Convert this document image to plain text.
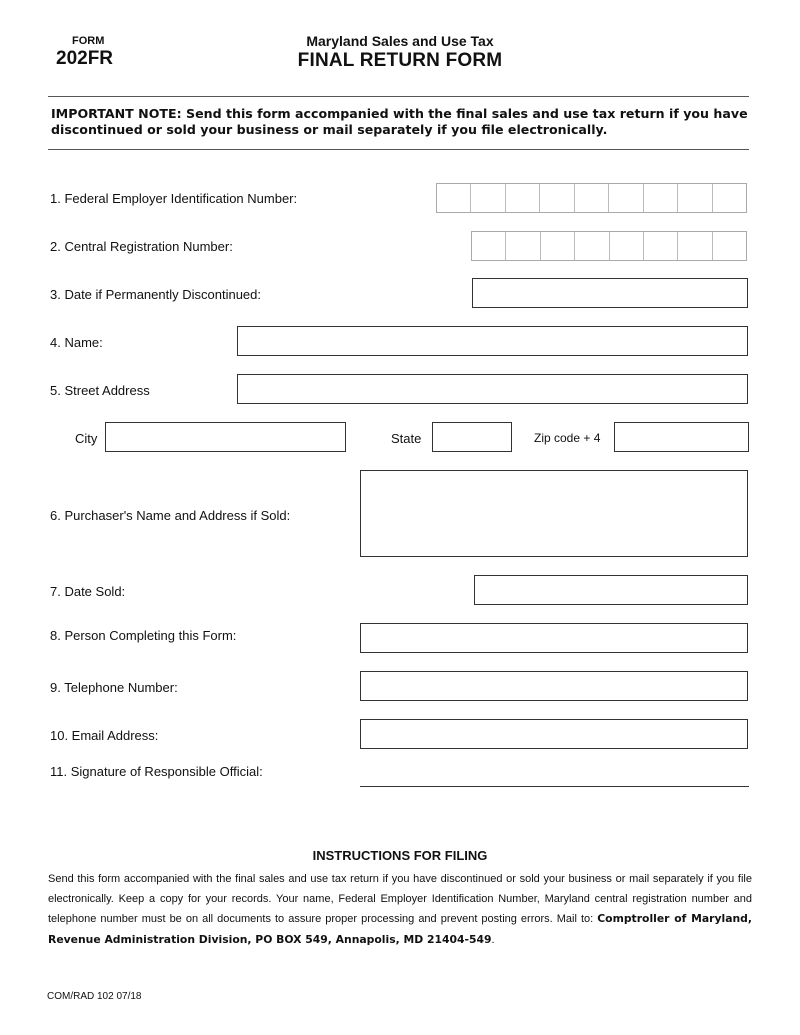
FORM
202FR
Maryland Sales and Use Tax
FINAL RETURN FORM
IMPORTANT NOTE: Send this form accompanied with the final sales and use tax return if you have discontinued or sold your business or mail separately if you file electronically.
1. Federal Employer Identification Number:
2. Central Registration Number:
3. Date if Permanently Discontinued:
4. Name:
5. Street Address
City	State	Zip code + 4
6. Purchaser's Name and Address if Sold:
7. Date Sold:
8. Person Completing this Form:
9. Telephone Number:
10. Email Address:
11. Signature of Responsible Official:
INSTRUCTIONS FOR FILING
Send this form accompanied with the final sales and use tax return if you have discontinued or sold your business or mail separately if you file electronically. Keep a copy for your records. Your name, Federal Employer Identification Number, Maryland central registration number and telephone number must be on all documents to assure proper processing and prevent posting errors. Mail to: Comptroller of Maryland, Revenue Administration Division, PO BOX 549, Annapolis, MD 21404-549.
COM/RAD 102 07/18
